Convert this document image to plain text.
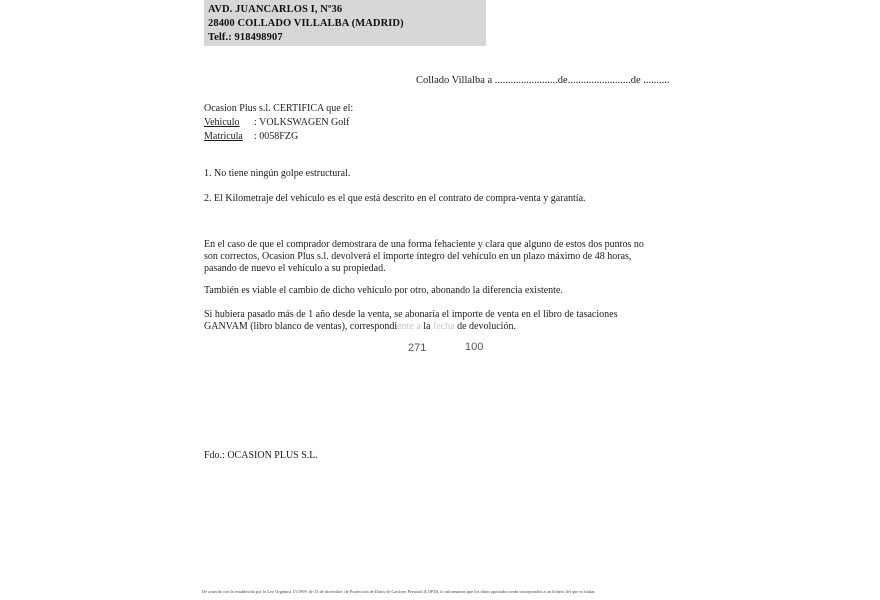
AVD. JUANCARLOS I, Nº36
28400 COLLADO VILLALBA (MADRID)
Telf.: 918498907
Collado Villalba a ........................de........................de ..........
Ocasion Plus s.l. CERTIFICA que el:
Vehiculo : VOLKSWAGEN Golf
Matricula : 0058FZG
1. No tiene ningún golpe estructural.
2. El Kilometraje del vehículo es el que está descrito en el contrato de compra-venta y garantía.
En el caso de que el comprador demostrara de una forma fehaciente y clara que alguno de estos dos puntos no
son correctos, Ocasion Plus s.l. devolverá el importe íntegro del vehículo en un plazo máximo de 48 horas,
pasando de nuevo el vehículo a su propiedad.
También es viable el cambio de dicho vehículo por otro, abonando la diferencia existente.
Si hubiera pasado más de 1 año desde la venta, se abonaría el importe de venta en el libro de tasaciones
GANVAM (libro blanco de ventas), correspondiente a la fecha de devolución.
271	100
Fdo.: OCASION PLUS S.L.
De acuerdo con lo establecido por la Ley Orgánica 15/1999, de 13 de diciembre, de Protección de Datos de Carácter Personal (LOPD), le informamos que los datos aportados serán incorporados a un fichero del que es titular.
